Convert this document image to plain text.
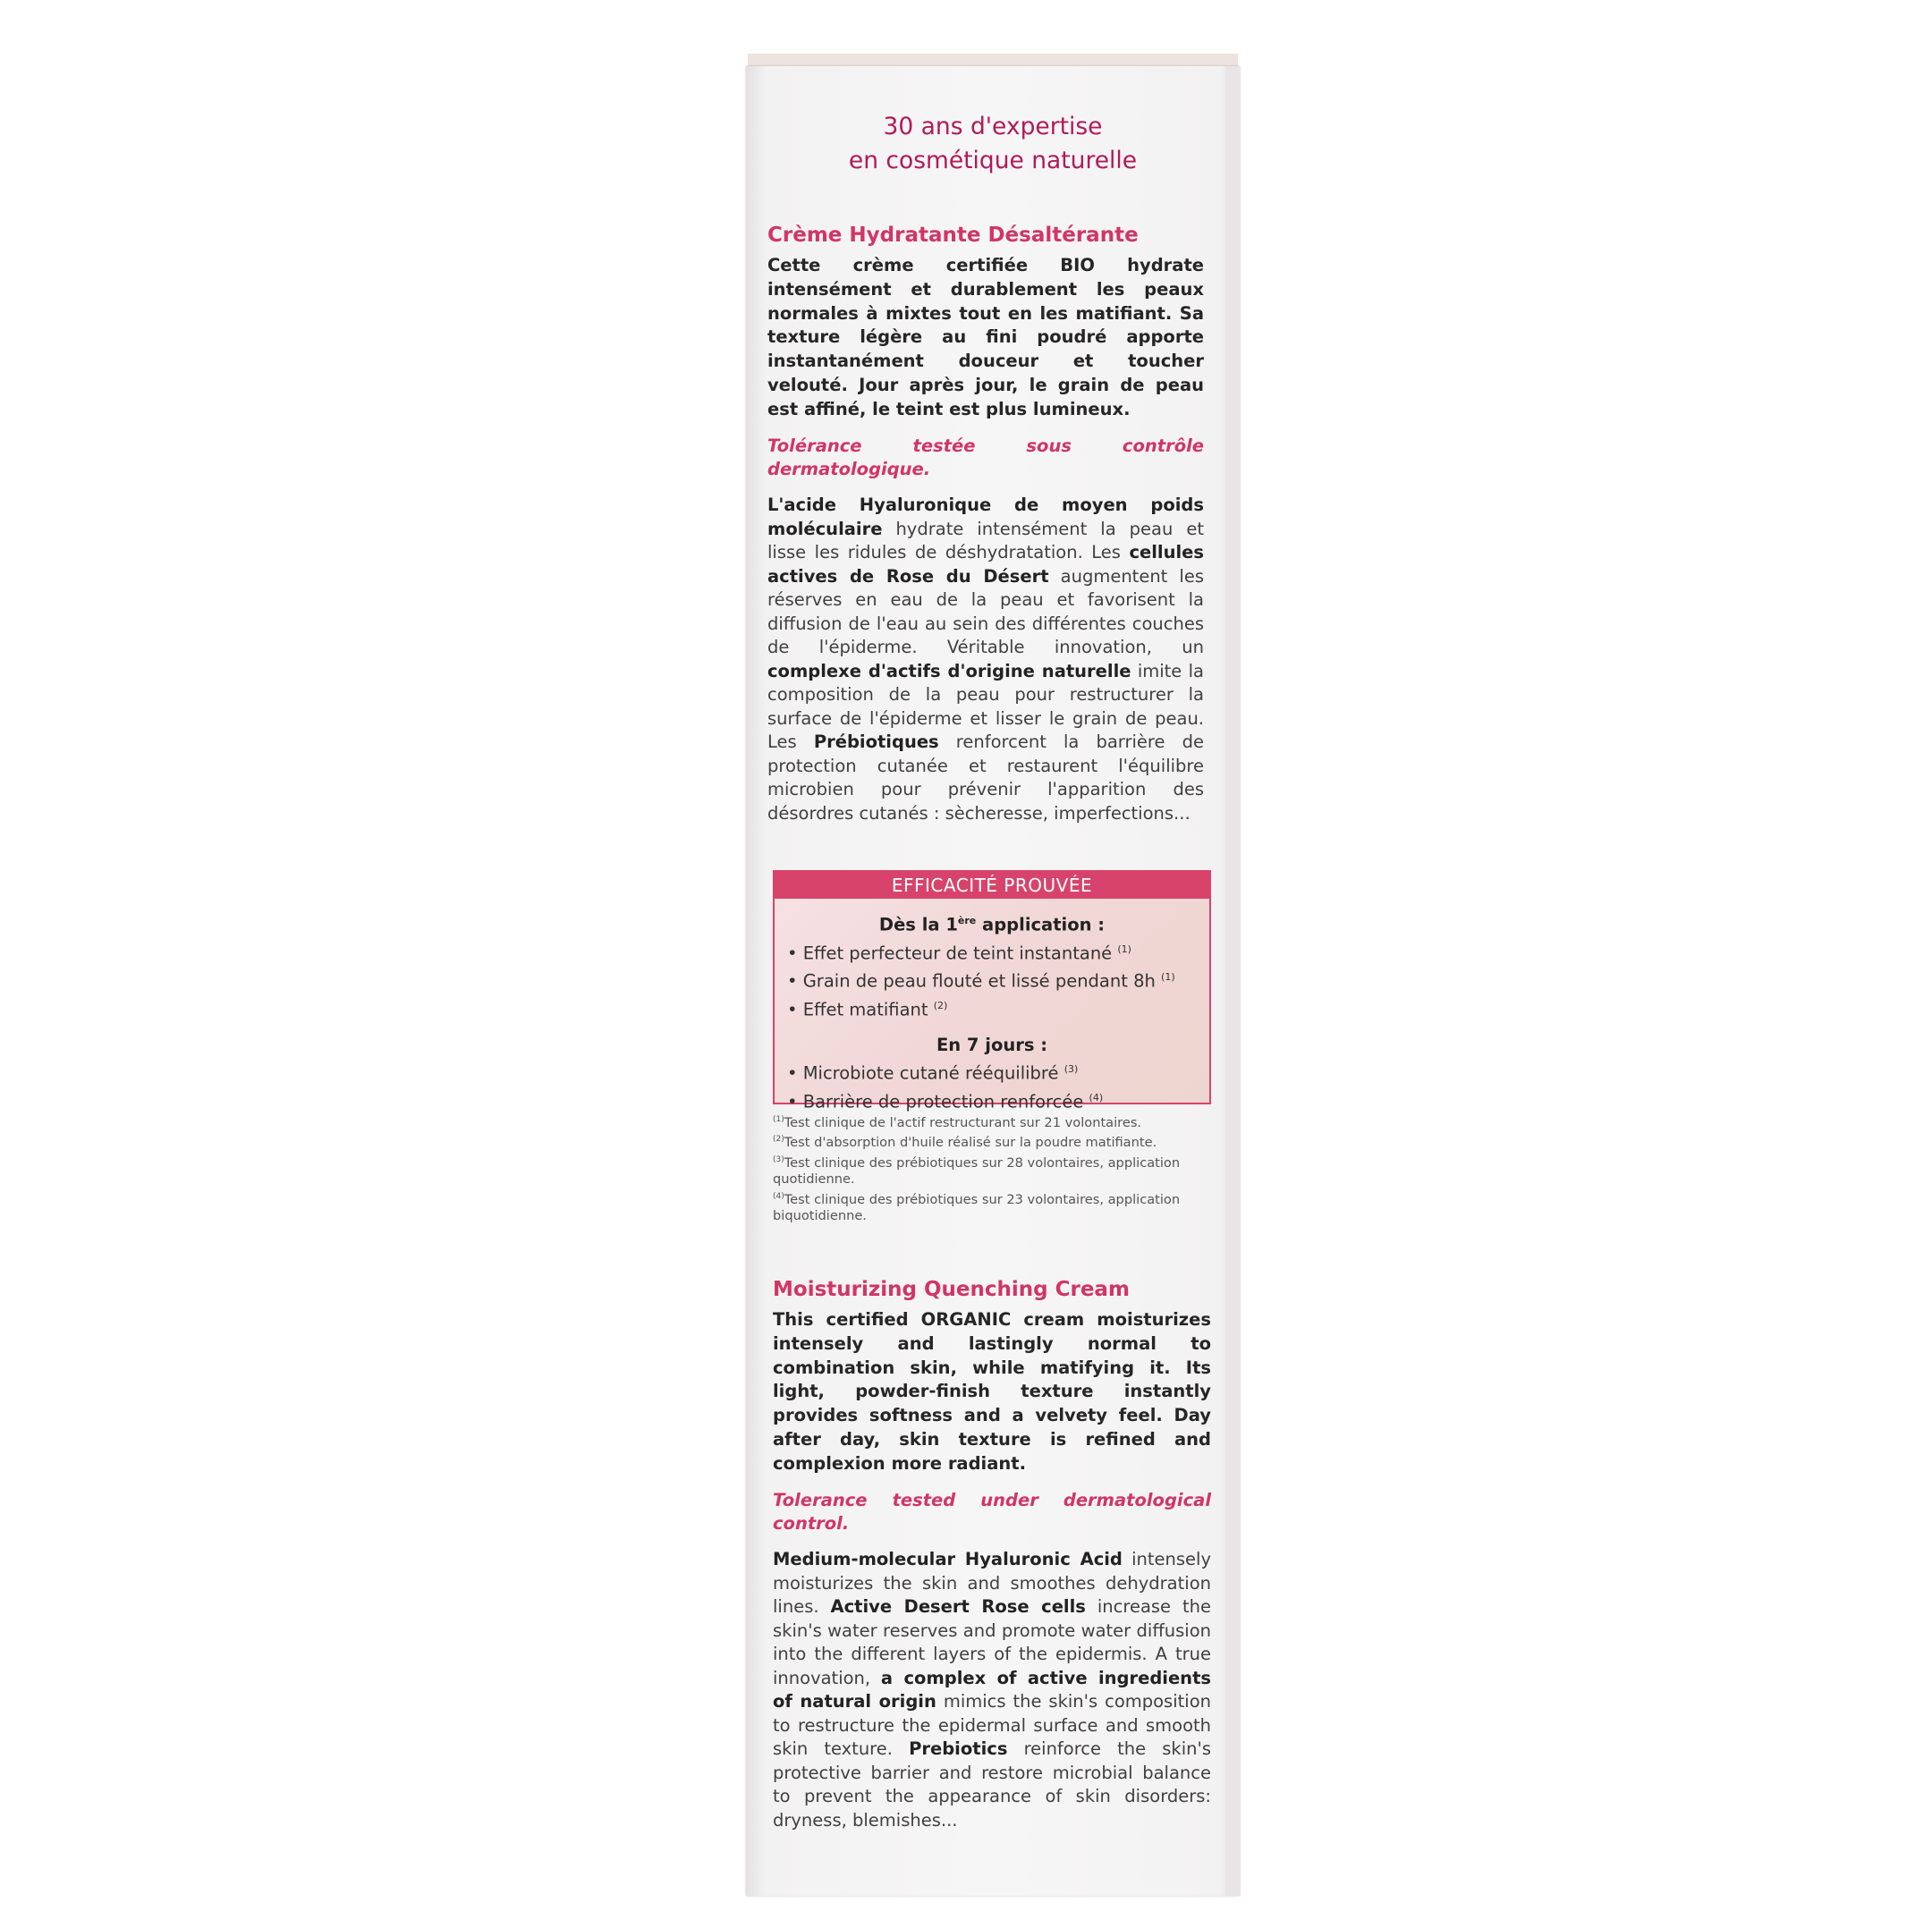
30 ans d'expertise
en cosmétique naturelle
Crème Hydratante Désaltérante

Cette crème certifiée BIO hydrate intensément et durablement les peaux normales à mixtes tout en les matifiant. Sa texture légère au fini poudré apporte instantanément douceur et toucher velouté. Jour après jour, le grain de peau est affiné, le teint est plus lumineux.

Tolérance testée sous contrôle dermatologique.

L'acide Hyaluronique de moyen poids moléculaire hydrate intensément la peau et lisse les ridules de déshydratation. Les cellules actives de Rose du Désert augmentent les réserves en eau de la peau et favorisent la diffusion de l'eau au sein des différentes couches de l'épiderme. Véritable innovation, un complexe d'actifs d'origine naturelle imite la composition de la peau pour restructurer la surface de l'épiderme et lisser le grain de peau. Les Prébiotiques renforcent la barrière de protection cutanée et restaurent l'équilibre microbien pour prévenir l'apparition des désordres cutanés : sècheresse, imperfections...

EFFICACITÉ PROUVÉE
Dès la 1ère application :
• Effet perfecteur de teint instantané $^{(1)}$
• Grain de peau flouté et lissé pendant 8h $^{(1)}$
• Effet matifiant $^{(2)}$
En 7 jours :
• Microbiote cutané rééquilibré $^{(3)}$
• Barrière de protection renforcée $^{(4)}$
$^{(1)}$Test clinique de l'actif restructurant sur 21 volontaires.
$^{(2)}$Test d'absorption d'huile réalisé sur la poudre matifiante.
$^{(3)}$Test clinique des prébiotiques sur 28 volontaires, application quotidienne.
$^{(4)}$Test clinique des prébiotiques sur 23 volontaires, application biquotidienne.
Moisturizing Quenching Cream

This certified ORGANIC cream moisturizes intensely and lastingly normal to combination skin, while matifying it. Its light, powder-finish texture instantly provides softness and a velvety feel. Day after day, skin texture is refined and complexion more radiant.

Tolerance tested under dermatological control.

Medium-molecular Hyaluronic Acid intensely moisturizes the skin and smoothes dehydration lines. Active Desert Rose cells increase the skin's water reserves and promote water diffusion into the different layers of the epidermis. A true innovation, a complex of active ingredients of natural origin mimics the skin's composition to restructure the epidermal surface and smooth skin texture. Prebiotics reinforce the skin's protective barrier and restore microbial balance to prevent the appearance of skin disorders: dryness, blemishes...
